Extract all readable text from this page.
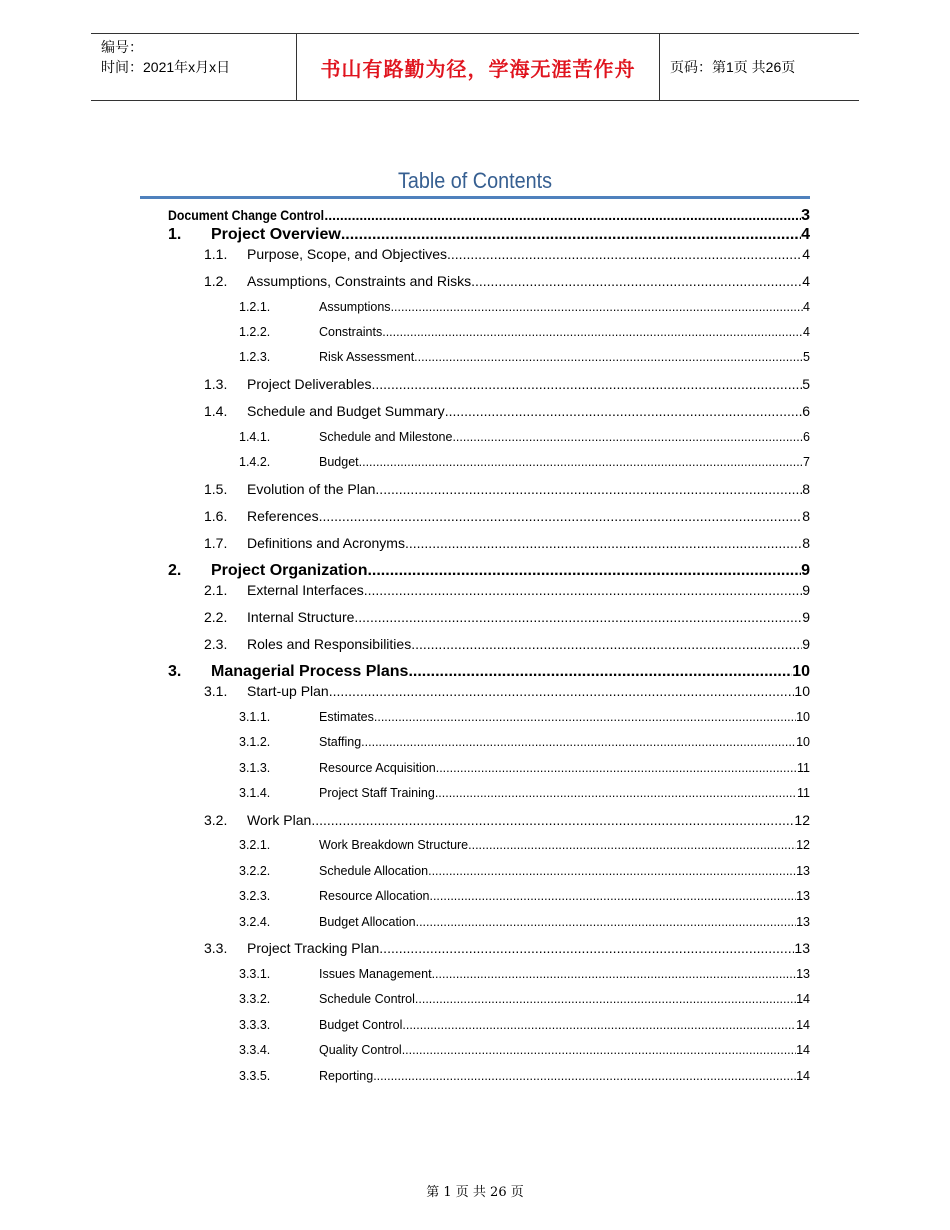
编号：
时间：2021年x月x日	书山有路勤为径，学海无涯苦作舟	页码：第1页 共26页
Table of Contents
Document Change Control .....	3
1.	Project Overview .....	4
1.1.	Purpose, Scope, and Objectives .....	4
1.2.	Assumptions, Constraints and Risks .....	4
1.2.1.	Assumptions .....	4
1.2.2.	Constraints .....	4
1.2.3.	Risk Assessment .....	5
1.3.	Project Deliverables .....	5
1.4.	Schedule and Budget Summary .....	6
1.4.1.	Schedule and Milestone .....	6
1.4.2.	Budget .....	7
1.5.	Evolution of the Plan .....	8
1.6.	References .....	8
1.7.	Definitions and Acronyms .....	8
2.	Project Organization .....	9
2.1.	External Interfaces .....	9
2.2.	Internal Structure .....	9
2.3.	Roles and Responsibilities .....	9
3.	Managerial Process Plans .....	10
3.1.	Start-up Plan .....	10
3.1.1.	Estimates .....	10
3.1.2.	Staffing .....	10
3.1.3.	Resource Acquisition .....	11
3.1.4.	Project Staff Training .....	11
3.2.	Work Plan .....	12
3.2.1.	Work Breakdown Structure .....	12
3.2.2.	Schedule Allocation .....	13
3.2.3.	Resource Allocation .....	13
3.2.4.	Budget Allocation .....	13
3.3.	Project Tracking Plan .....	13
3.3.1.	Issues Management .....	13
3.3.2.	Schedule Control .....	14
3.3.3.	Budget Control .....	14
3.3.4.	Quality Control .....	14
3.3.5.	Reporting .....	14
第 1 页 共 26 页
